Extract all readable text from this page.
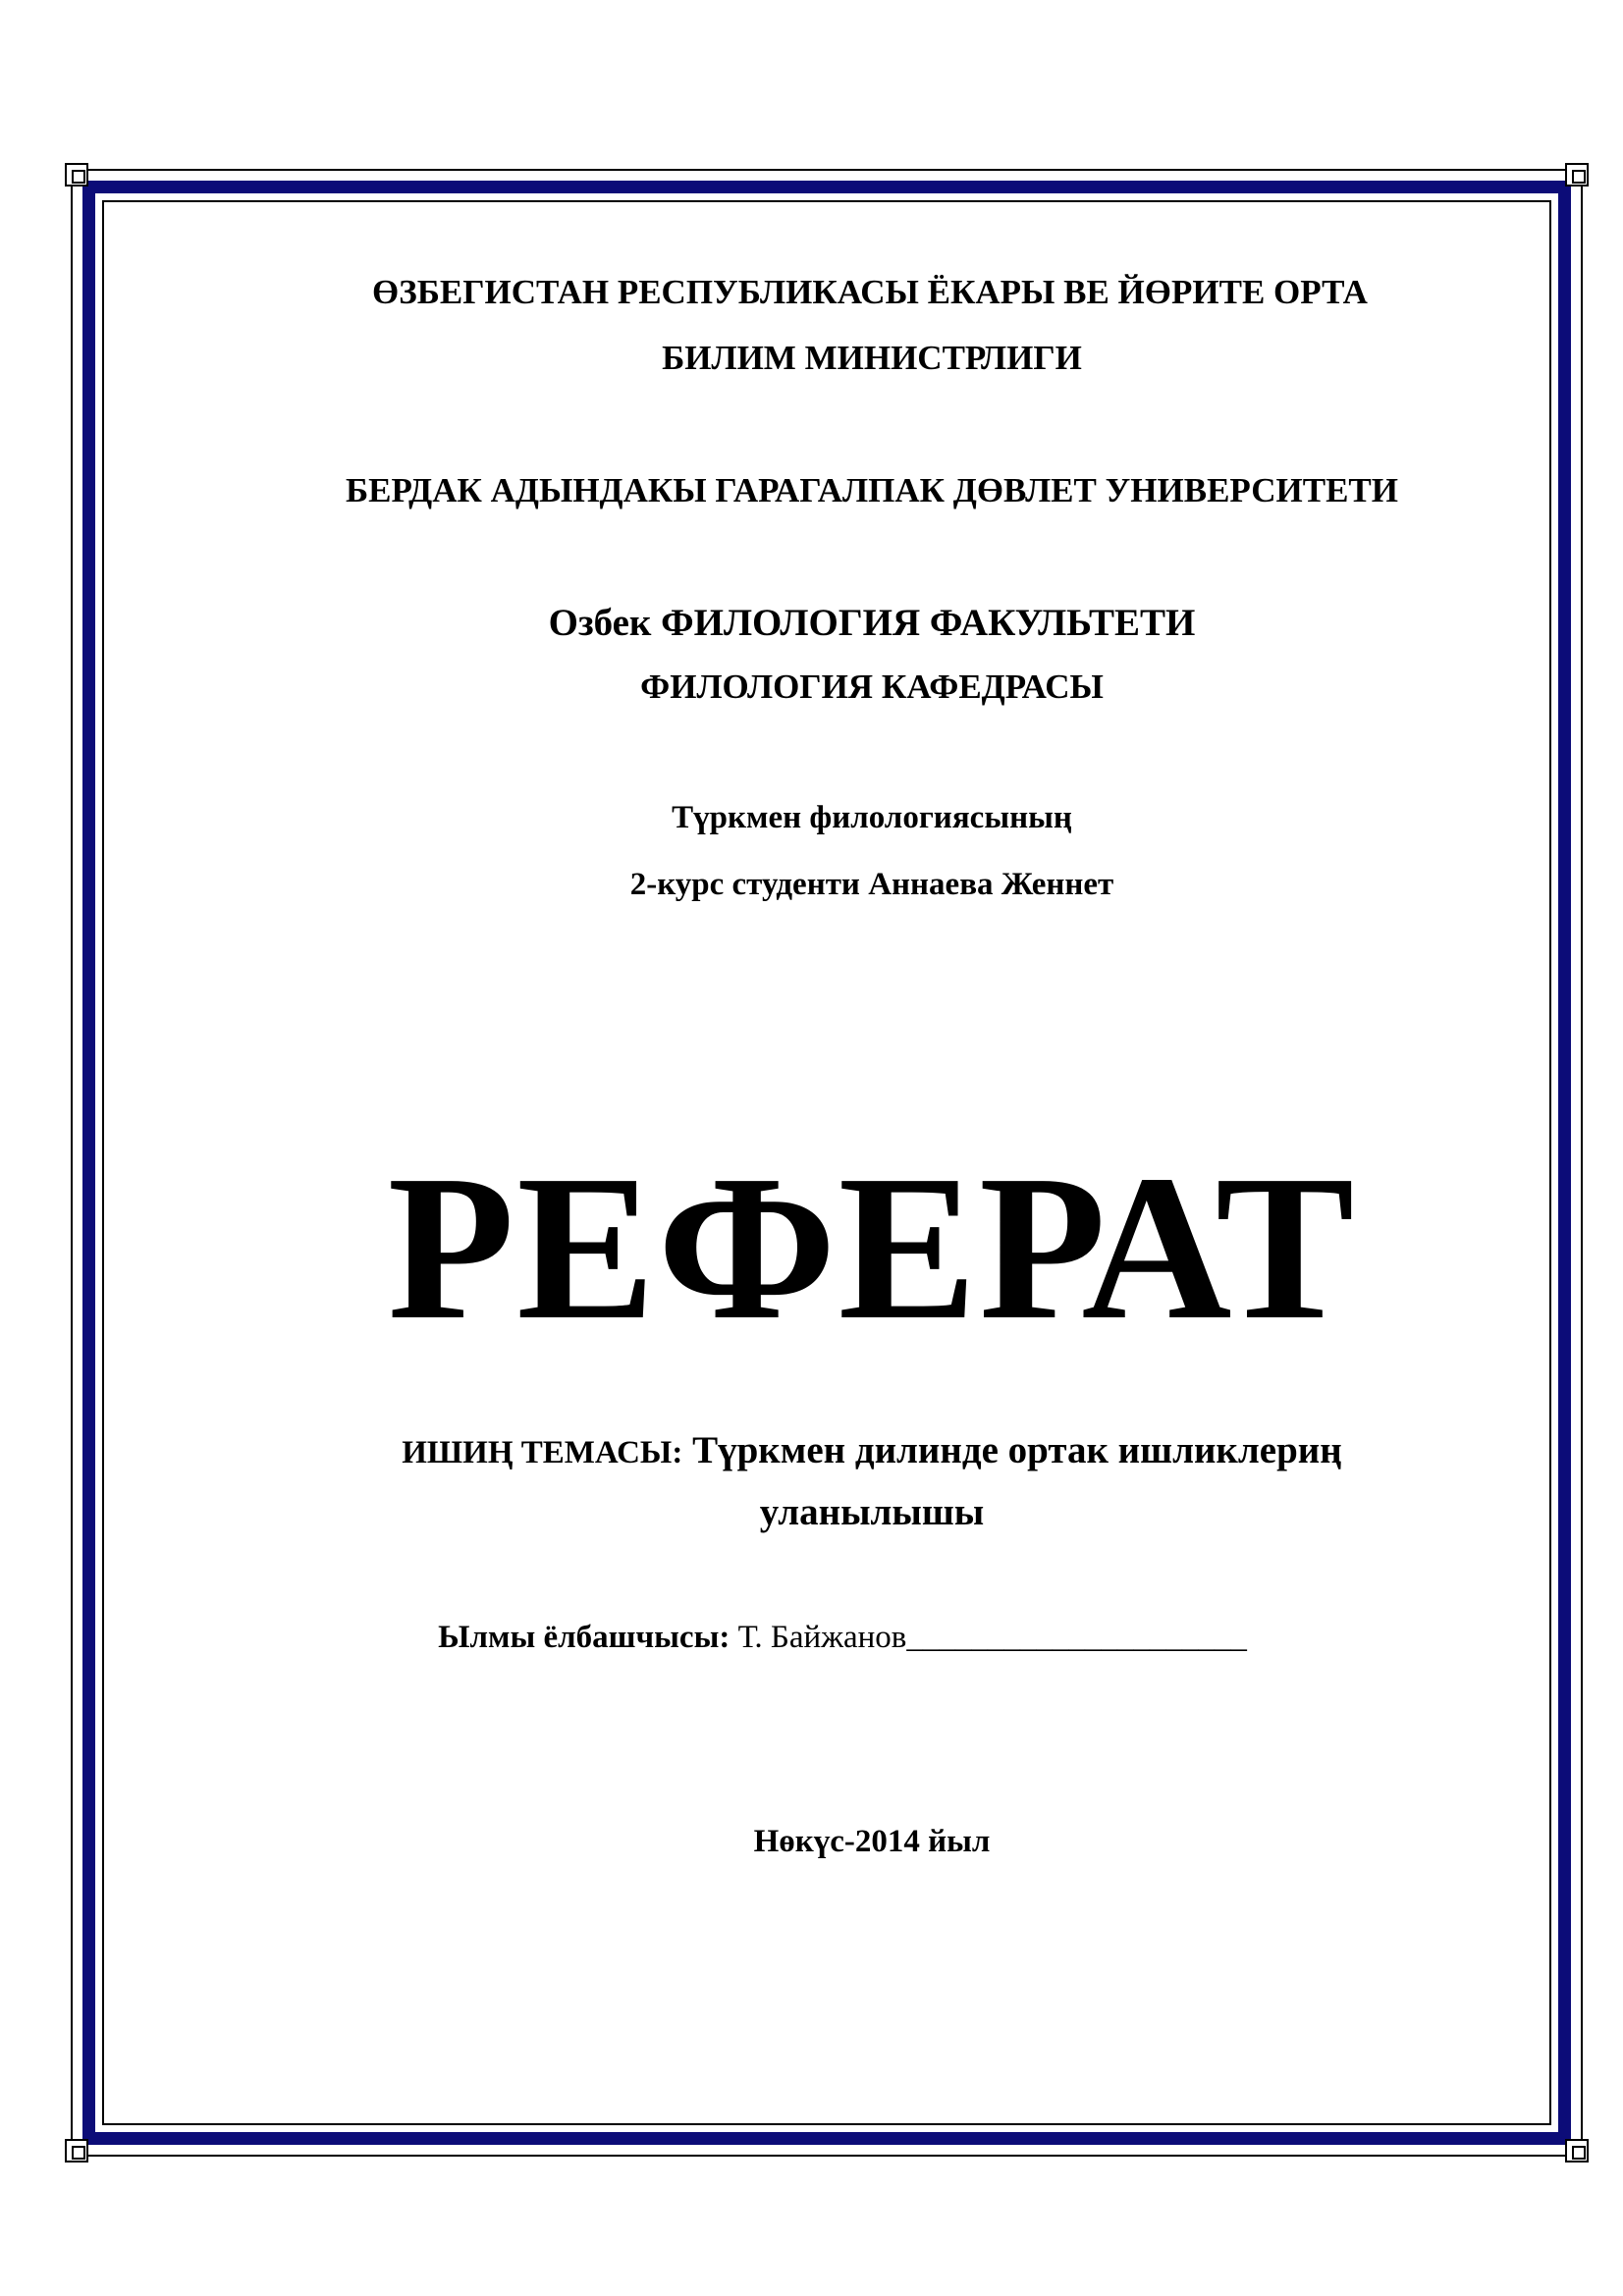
ӨЗБЕГИСТАН РЕСПУБЛИКАСЫ ЁКАРЫ ВЕ ЙӨРИТЕ ОРТА
БИЛИМ МИНИСТРЛИГИ
БЕРДАК АДЫНДАКЫ ГАРАГАЛПАК ДӨВЛЕТ УНИВЕРСИТЕТИ
Озбек ФИЛОЛОГИЯ ФАКУЛЬТЕТИ
ФИЛОЛОГИЯ КАФЕДРАСЫ
Түркмен филологиясының
2-курс студенти Аннаева Женнет
РЕФЕРАТ
ИШИҢ ТЕМАСЫ: Түркмен дилинде ортак ишликлериң
уланылышы
Ылмы ёлбашчысы: Т. Байжанов_____________________
Нөкүс-2014 йыл
